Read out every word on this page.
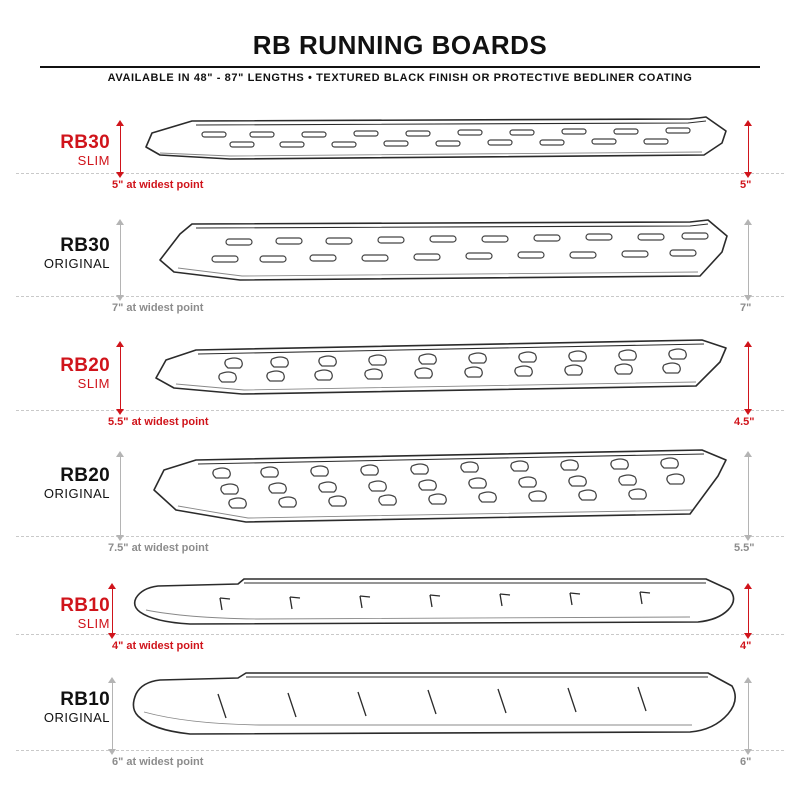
RB RUNNING BOARDS
AVAILABLE IN 48" - 87" LENGTHS • TEXTURED BLACK FINISH OR PROTECTIVE BEDLINER COATING
RB30
SLIM
5" at widest point	5"
RB30
ORIGINAL
7" at widest point	7"
RB20
SLIM
5.5" at widest point	4.5"
RB20
ORIGINAL
7.5" at widest point	5.5"
RB10
SLIM
4" at widest point	4"
RB10
ORIGINAL
6" at widest point	6"
